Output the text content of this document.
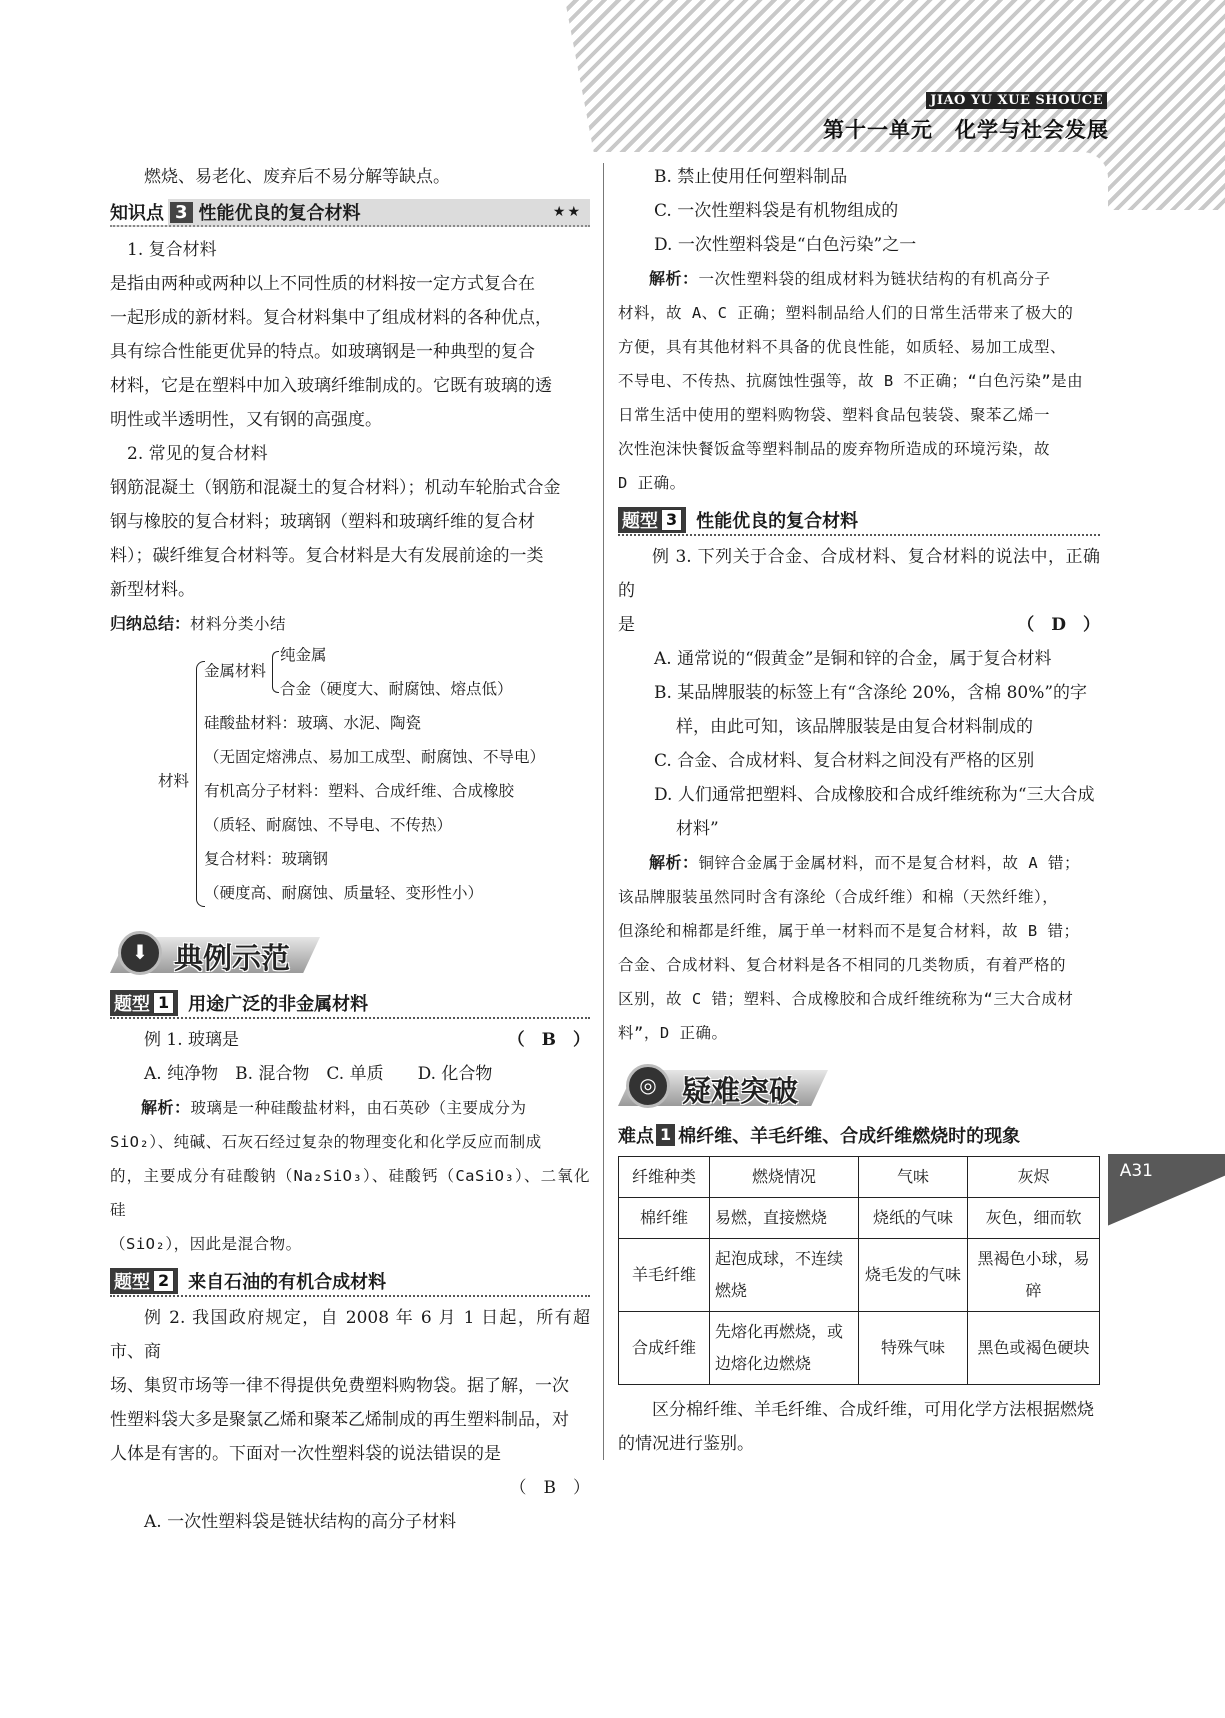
JIAO YU XUE SHOUCE
第十一单元　化学与社会发展
A31

燃烧、易老化、废弃后不易分解等缺点。

知识点 3 性能优良的复合材料	★★

1. 复合材料

是指由两种或两种以上不同性质的材料按一定方式复合在

一起形成的新材料。复合材料集中了组成材料的各种优点，

具有综合性能更优异的特点。如玻璃钢是一种典型的复合

材料，它是在塑料中加入玻璃纤维制成的。它既有玻璃的透

明性或半透明性，又有钢的高强度。

2. 常见的复合材料

钢筋混凝土（钢筋和混凝土的复合材料）；机动车轮胎式合金

钢与橡胶的复合材料；玻璃钢（塑料和玻璃纤维的复合材

料）；碳纤维复合材料等。复合材料是大有发展前途的一类

新型材料。

归纳总结：材料分类小结

材料
金属材料
纯金属
合金（硬度大、耐腐蚀、熔点低）
硅酸盐材料：玻璃、水泥、陶瓷
（无固定熔沸点、易加工成型、耐腐蚀、不导电）
有机高分子材料：塑料、合成纤维、合成橡胶
（质轻、耐腐蚀、不导电、不传热）
复合材料：玻璃钢
（硬度高、耐腐蚀、质量轻、变形性小）
⬇ 典例示范
题型 1 用途广泛的非金属材料

例 1. 玻璃是	（　B　）

A. 纯净物　B. 混合物　C. 单质　　D. 化合物

解析：玻璃是一种硅酸盐材料，由石英砂（主要成分为

SiO₂）、纯碱、石灰石经过复杂的物理变化和化学反应而制成

的，主要成分有硅酸钠（Na₂SiO₃）、硅酸钙（CaSiO₃）、二氧化硅

（SiO₂），因此是混合物。

题型 2 来自石油的有机合成材料

例 2. 我国政府规定，自 2008 年 6 月 1 日起，所有超市、商

场、集贸市场等一律不得提供免费塑料购物袋。据了解，一次

性塑料袋大多是聚氯乙烯和聚苯乙烯制成的再生塑料制品，对

人体是有害的。下面对一次性塑料袋的说法错误的是

（　B　）

A. 一次性塑料袋是链状结构的高分子材料

B. 禁止使用任何塑料制品

C. 一次性塑料袋是有机物组成的

D. 一次性塑料袋是“白色污染”之一

解析：一次性塑料袋的组成材料为链状结构的有机高分子

材料，故 A、C 正确；塑料制品给人们的日常生活带来了极大的

方便，具有其他材料不具备的优良性能，如质轻、易加工成型、

不导电、不传热、抗腐蚀性强等，故 B 不正确；“白色污染”是由

日常生活中使用的塑料购物袋、塑料食品包装袋、聚苯乙烯一

次性泡沫快餐饭盒等塑料制品的废弃物所造成的环境污染，故

D 正确。

题型 3 性能优良的复合材料

例 3. 下列关于合金、合成材料、复合材料的说法中，正确的

是	（　D　）

A. 通常说的“假黄金”是铜和锌的合金，属于复合材料

B. 某品牌服装的标签上有“含涤纶 20%，含棉 80%”的字样，由此可知，该品牌服装是由复合材料制成的

C. 合金、合成材料、复合材料之间没有严格的区别

D. 人们通常把塑料、合成橡胶和合成纤维统称为“三大合成材料”

解析：铜锌合金属于金属材料，而不是复合材料，故 A 错；

该品牌服装虽然同时含有涤纶（合成纤维）和棉（天然纤维），

但涤纶和棉都是纤维，属于单一材料而不是复合材料，故 B 错；

合金、合成材料、复合材料是各不相同的几类物质，有着严格的

区别，故 C 错；塑料、合成橡胶和合成纤维统称为“三大合成材

料”，D 正确。

◎ 疑难突破
难点 1 棉纤维、羊毛纤维、合成纤维燃烧时的现象
纤维种类	燃烧情况	气味	灰烬
棉纤维	易燃，直接燃烧	烧纸的气味	灰色，细而软
羊毛纤维	起泡成球，不连续燃烧	烧毛发的气味	黑褐色小球，易碎
合成纤维	先熔化再燃烧，或边熔化边燃烧	特殊气味	黑色或褐色硬块

区分棉纤维、羊毛纤维、合成纤维，可用化学方法根据燃烧

的情况进行鉴别。
